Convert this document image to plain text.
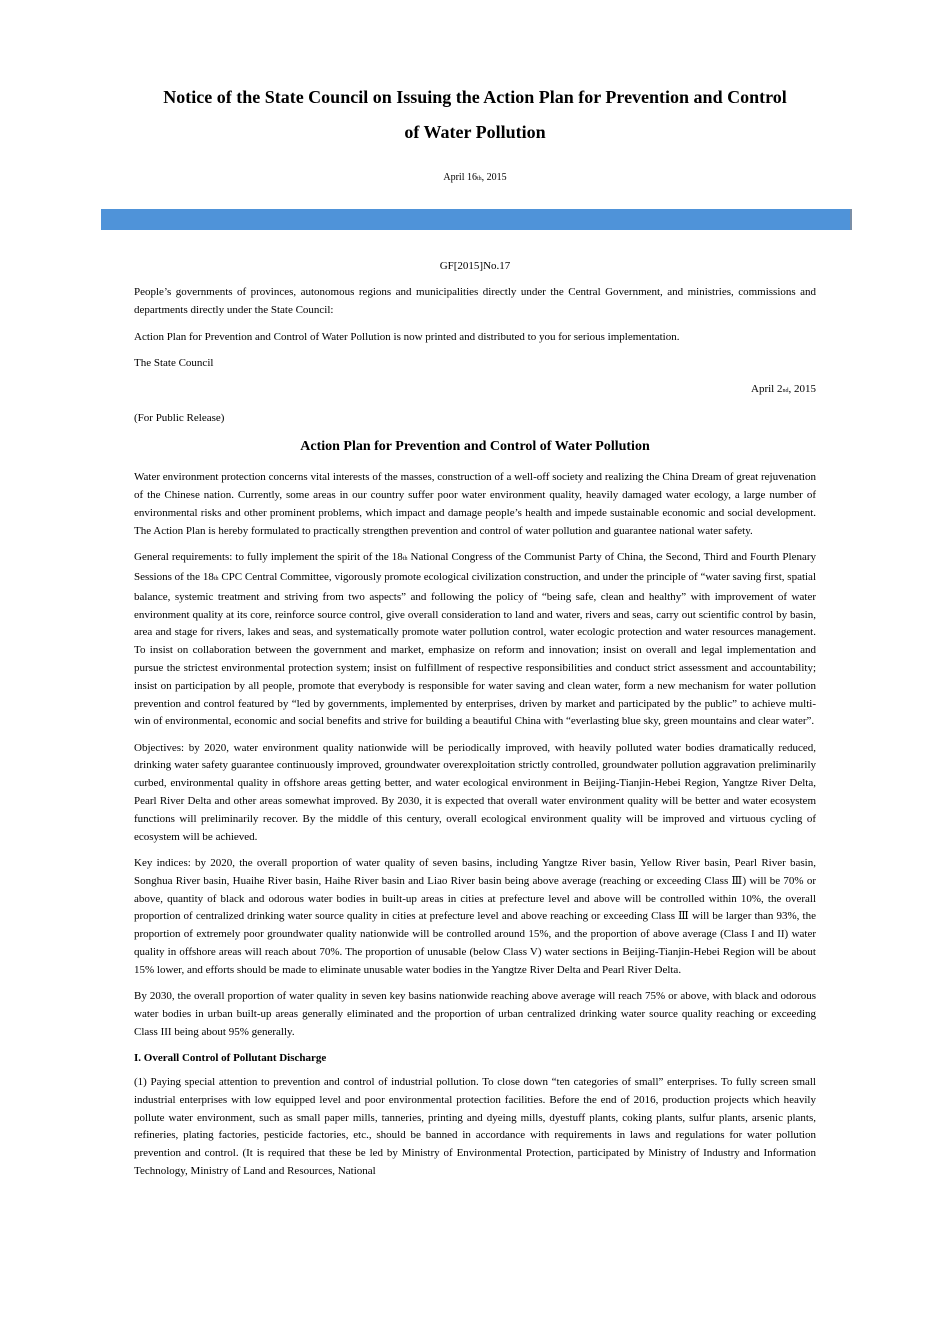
Notice of the State Council on Issuing the Action Plan for Prevention and Control
of Water Pollution
April 16th, 2015

GF[2015]No.17

People’s governments of provinces, autonomous regions and municipalities directly under the Central Government, and ministries, commissions and departments directly under the State Council:

Action Plan for Prevention and Control of Water Pollution is now printed and distributed to you for serious implementation.

The State Council

April 2nd, 2015

(For Public Release)

Action Plan for Prevention and Control of Water Pollution

Water environment protection concerns vital interests of the masses, construction of a well-off society and realizing the China Dream of great rejuvenation of the Chinese nation. Currently, some areas in our country suffer poor water environment quality, heavily damaged water ecology, a large number of environmental risks and other prominent problems, which impact and damage people’s health and impede sustainable economic and social development. The Action Plan is hereby formulated to practically strengthen prevention and control of water pollution and guarantee national water safety.

General requirements: to fully implement the spirit of the 18th National Congress of the Communist Party of China, the Second, Third and Fourth Plenary Sessions of the 18th CPC Central Committee, vigorously promote ecological civilization construction, and under the principle of “water saving first, spatial balance, systemic treatment and striving from two aspects” and following the policy of “being safe, clean and healthy” with improvement of water environment quality at its core, reinforce source control, give overall consideration to land and water, rivers and seas, carry out scientific control by basin, area and stage for rivers, lakes and seas, and systematically promote water pollution control, water ecologic protection and water resources management. To insist on collaboration between the government and market, emphasize on reform and innovation; insist on overall and legal implementation and pursue the strictest environmental protection system; insist on fulfillment of respective responsibilities and conduct strict assessment and accountability; insist on participation by all people, promote that everybody is responsible for water saving and clean water, form a new mechanism for water pollution prevention and control featured by “led by governments, implemented by enterprises, driven by market and participated by the public” to achieve multi-win of environmental, economic and social benefits and strive for building a beautiful China with “everlasting blue sky, green mountains and clear water”.

Objectives: by 2020, water environment quality nationwide will be periodically improved, with heavily polluted water bodies dramatically reduced, drinking water safety guarantee continuously improved, groundwater overexploitation strictly controlled, groundwater pollution aggravation preliminarily curbed, environmental quality in offshore areas getting better, and water ecological environment in Beijing-Tianjin-Hebei Region, Yangtze River Delta, Pearl River Delta and other areas somewhat improved. By 2030, it is expected that overall water environment quality will be better and water ecosystem functions will preliminarily recover. By the middle of this century, overall ecological environment quality will be improved and virtuous cycling of ecosystem will be achieved.

Key indices: by 2020, the overall proportion of water quality of seven basins, including Yangtze River basin, Yellow River basin, Pearl River basin, Songhua River basin, Huaihe River basin, Haihe River basin and Liao River basin being above average (reaching or exceeding Class Ⅲ) will be 70% or above, quantity of black and odorous water bodies in built-up areas in cities at prefecture level and above will be controlled within 10%, the overall proportion of centralized drinking water source quality in cities at prefecture level and above reaching or exceeding Class Ⅲ will be larger than 93%, the proportion of extremely poor groundwater quality nationwide will be controlled around 15%, and the proportion of above average (Class I and II) water quality in offshore areas will reach about 70%. The proportion of unusable (below Class V) water sections in Beijing-Tianjin-Hebei Region will be about 15% lower, and efforts should be made to eliminate unusable water bodies in the Yangtze River Delta and Pearl River Delta.

By 2030, the overall proportion of water quality in seven key basins nationwide reaching above average will reach 75% or above, with black and odorous water bodies in urban built-up areas generally eliminated and the proportion of urban centralized drinking water source quality reaching or exceeding Class III being about 95% generally.

I. Overall Control of Pollutant Discharge

(1) Paying special attention to prevention and control of industrial pollution. To close down “ten categories of small” enterprises. To fully screen small industrial enterprises with low equipped level and poor environmental protection facilities. Before the end of 2016, production projects which heavily pollute water environment, such as small paper mills, tanneries, printing and dyeing mills, dyestuff plants, coking plants, sulfur plants, arsenic plants, refineries, plating factories, pesticide factories, etc., should be banned in accordance with requirements in laws and regulations for water pollution prevention and control. (It is required that these be led by Ministry of Environmental Protection, participated by Ministry of Industry and Information Technology, Ministry of Land and Resources, National
